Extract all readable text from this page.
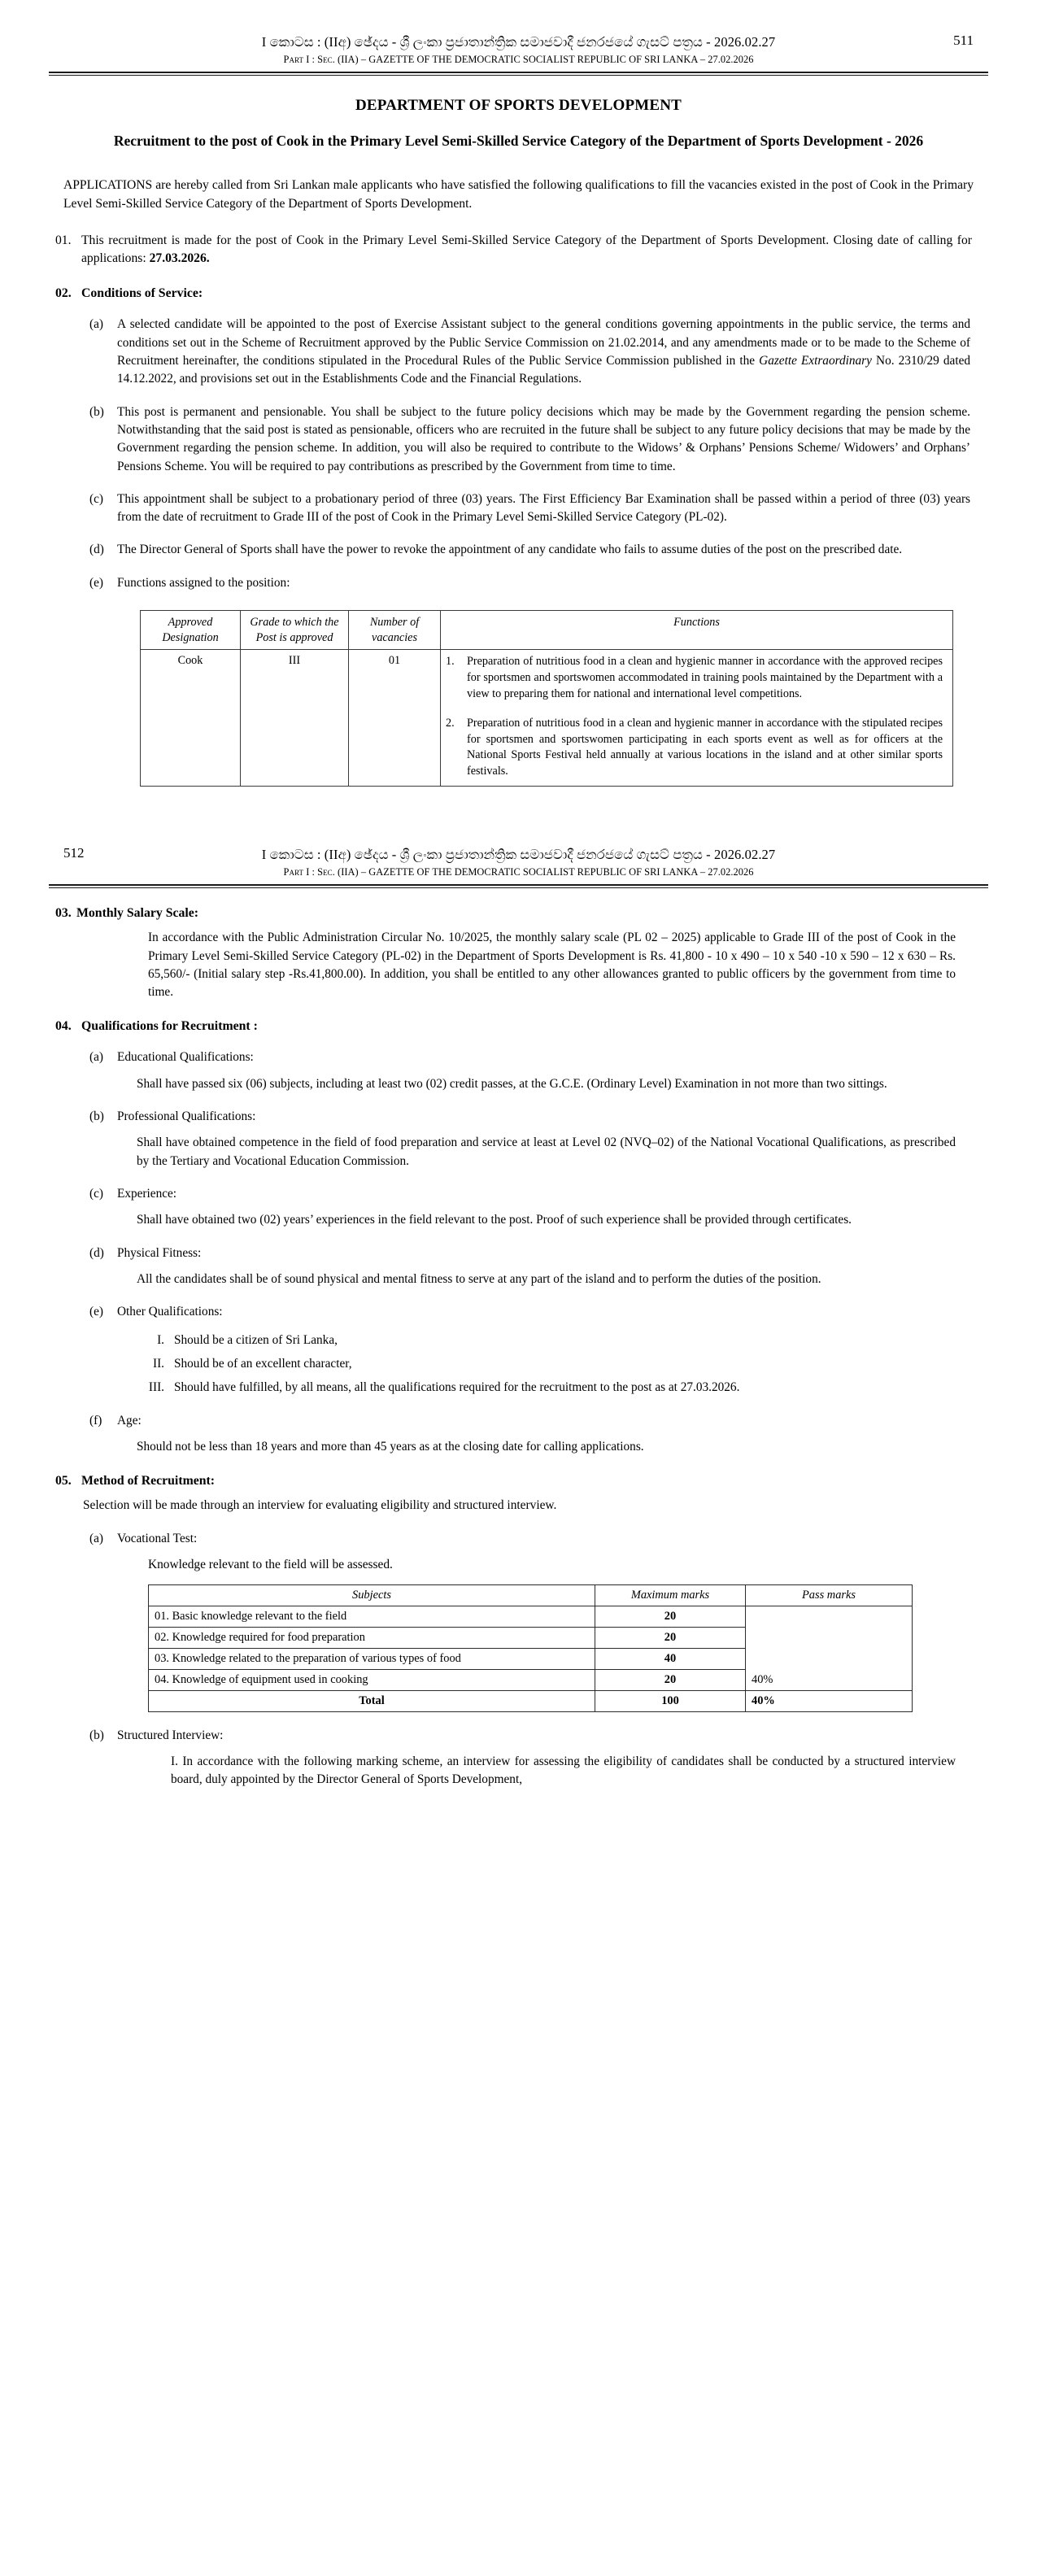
511
I කොටස : (IIඅ) ඡේදය - ශ්‍රී ලංකා ප්‍රජාතාන්ත්‍රික සමාජවාදී ජනරජයේ ගැසට් පත්‍රය - 2026.02.27
Part I : Sec. (IIA) – GAZETTE OF THE DEMOCRATIC SOCIALIST REPUBLIC OF SRI LANKA – 27.02.2026
DEPARTMENT OF SPORTS DEVELOPMENT
Recruitment to the post of Cook in the Primary Level Semi-Skilled Service Category of the Department of Sports Development - 2026
APPLICATIONS are hereby called from Sri Lankan male applicants who have satisfied the following qualifications to fill the vacancies existed in the post of Cook in the Primary Level Semi-Skilled Service Category of the Department of Sports Development.
01. This recruitment is made for the post of Cook in the Primary Level Semi-Skilled Service Category of the Department of Sports Development. Closing date of calling for applications: 27.03.2026.
02. Conditions of Service:
(a)	A selected candidate will be appointed to the post of Exercise Assistant subject to the general conditions governing appointments in the public service, the terms and conditions set out in the Scheme of Recruitment approved by the Public Service Commission on 21.02.2014, and any amendments made or to be made to the Scheme of Recruitment hereinafter, the conditions stipulated in the Procedural Rules of the Public Service Commission published in the Gazette Extraordinary No. 2310/29 dated 14.12.2022, and provisions set out in the Establishments Code and the Financial Regulations.
(b)	This post is permanent and pensionable. You shall be subject to the future policy decisions which may be made by the Government regarding the pension scheme. Notwithstanding that the said post is stated as pensionable, officers who are recruited in the future shall be subject to any future policy decisions that may be made by the Government regarding the pension scheme. In addition, you will also be required to contribute to the Widows’ & Orphans’ Pensions Scheme/ Widowers’ and Orphans’ Pensions Scheme. You will be required to pay contributions as prescribed by the Government from time to time.
(c)	This appointment shall be subject to a probationary period of three (03) years. The First Efficiency Bar Examination shall be passed within a period of three (03) years from the date of recruitment to Grade III of the post of Cook in the Primary Level Semi-Skilled Service Category (PL-02).
(d)	The Director General of Sports shall have the power to revoke the appointment of any candidate who fails to assume duties of the post on the prescribed date.
(e)	Functions assigned to the position:
Approved Designation	Grade to which the Post is approved	Number of vacancies	Functions
Cook	III	01	1. Preparation of nutritious food in a clean and hygienic manner in accordance with the approved recipes for sportsmen and sportswomen accommodated in training pools maintained by the Department with a view to preparing them for national and international level competitions.
2. Preparation of nutritious food in a clean and hygienic manner in accordance with the stipulated recipes for sportsmen and sportswomen participating in each sports event as well as for officers at the National Sports Festival held annually at various locations in the island and at other similar sports festivals.
512	I කොටස : (IIඅ) ඡේදය - ශ්‍රී ලංකා ප්‍රජාතාන්ත්‍රික සමාජවාදී ජනරජයේ ගැසට් පත්‍රය - 2026.02.27
Part I : Sec. (IIA) – GAZETTE OF THE DEMOCRATIC SOCIALIST REPUBLIC OF SRI LANKA – 27.02.2026
03. Monthly Salary Scale:
In accordance with the Public Administration Circular No. 10/2025, the monthly salary scale (PL 02 – 2025) applicable to Grade III of the post of Cook in the Primary Level Semi-Skilled Service Category (PL-02) in the Department of Sports Development is Rs. 41,800 - 10 x 490 – 10 x 540 -10 x 590 – 12 x 630 – Rs. 65,560/- (Initial salary step -Rs.41,800.00). In addition, you shall be entitled to any other allowances granted to public officers by the government from time to time.
04. Qualifications for Recruitment :
(a)	Educational Qualifications:
Shall have passed six (06) subjects, including at least two (02) credit passes, at the G.C.E. (Ordinary Level) Examination in not more than two sittings.
(b)	Professional Qualifications:
Shall have obtained competence in the field of food preparation and service at least at Level 02 (NVQ–02) of the National Vocational Qualifications, as prescribed by the Tertiary and Vocational Education Commission.
(c)	Experience:
Shall have obtained two (02) years’ experiences in the field relevant to the post. Proof of such experience shall be provided through certificates.
(d)	Physical Fitness:
All the candidates shall be of sound physical and mental fitness to serve at any part of the island and to perform the duties of the position.
(e)	Other Qualifications:
I. Should be a citizen of Sri Lanka,
II. Should be of an excellent character,
III. Should have fulfilled, by all means, all the qualifications required for the recruitment to the post as at 27.03.2026.
(f)	Age:
Should not be less than 18 years and more than 45 years as at the closing date for calling applications.
05. Method of Recruitment:
Selection will be made through an interview for evaluating eligibility and structured interview.
(a)	Vocational Test:
Knowledge relevant to the field will be assessed.
Subjects	Maximum marks	Pass marks
01. Basic knowledge relevant to the field	20	40%
02. Knowledge required for food preparation	20	
03. Knowledge related to the preparation of various types of food	40	
04. Knowledge of equipment used in cooking	20	
Total	100	40%
(b)	Structured Interview:
I. In accordance with the following marking scheme, an interview for assessing the eligibility of candidates shall be conducted by a structured interview board, duly appointed by the Director General of Sports Development,
